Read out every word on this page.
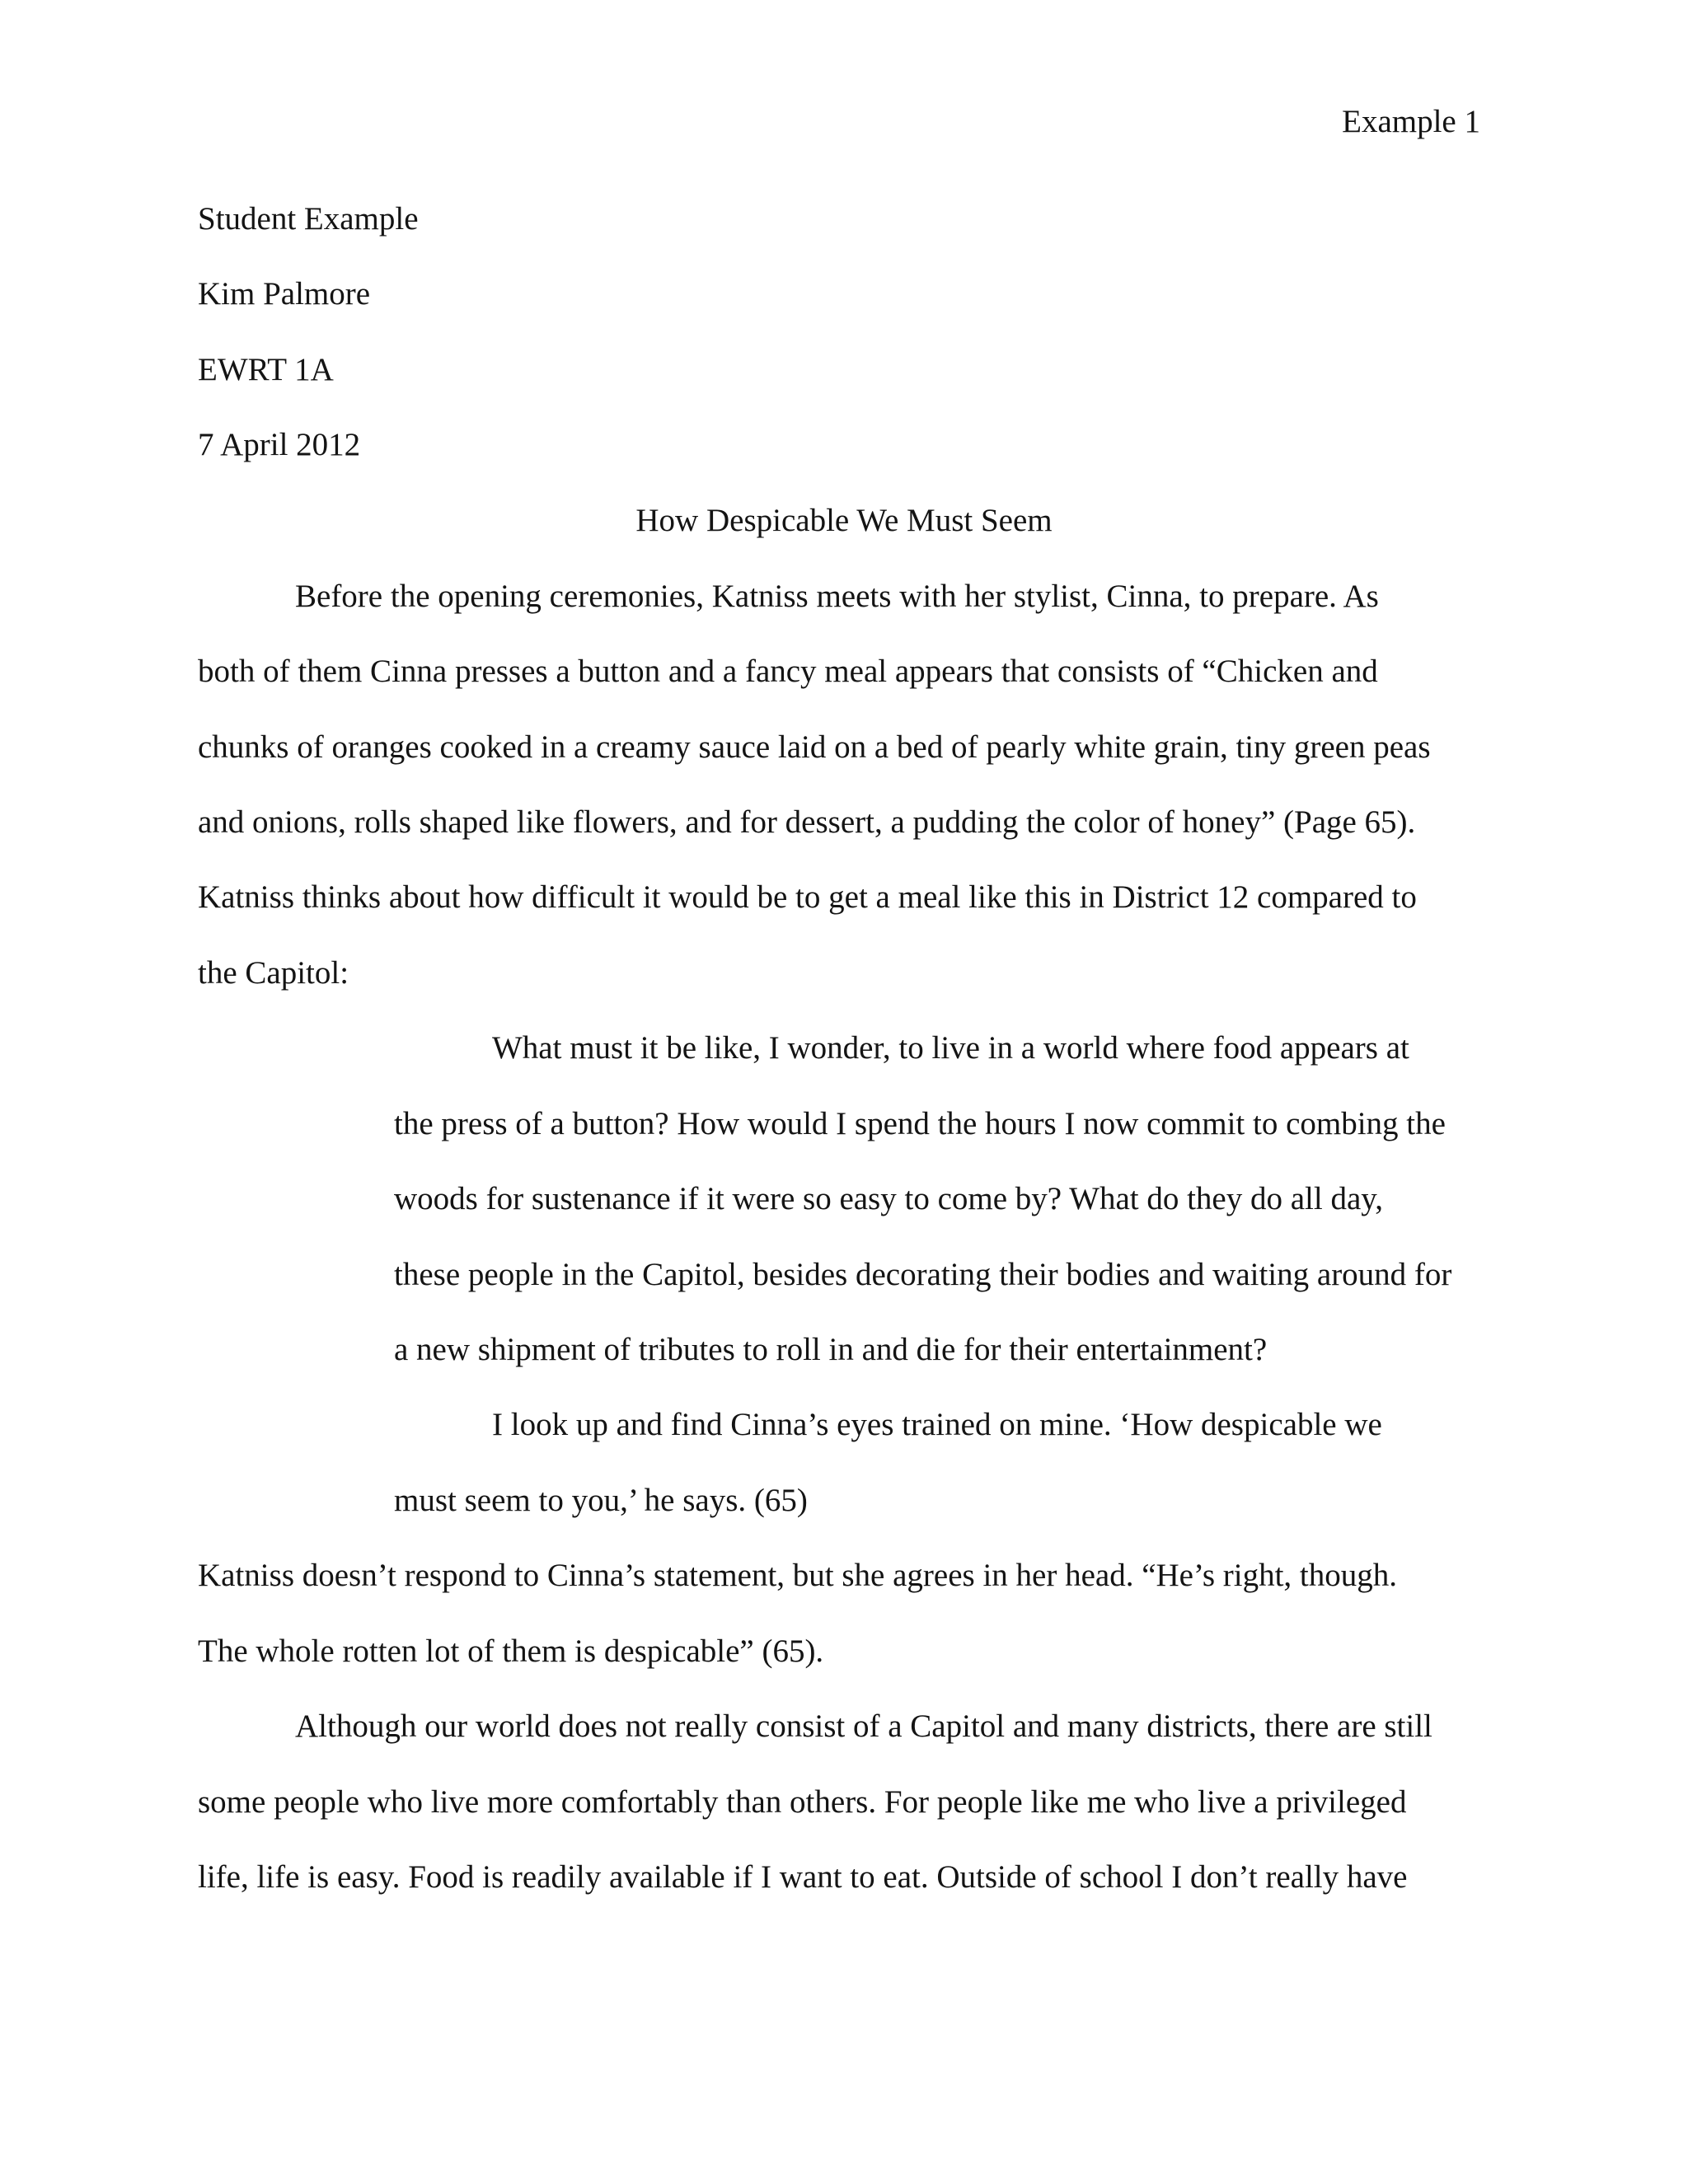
Example 1
Student Example
Kim Palmore
EWRT 1A
7 April 2012
How Despicable We Must Seem
Before the opening ceremonies, Katniss meets with her stylist, Cinna, to prepare. As
both of them Cinna presses a button and a fancy meal appears that consists of “Chicken and
chunks of oranges cooked in a creamy sauce laid on a bed of pearly white grain, tiny green peas
and onions, rolls shaped like flowers, and for dessert, a pudding the color of honey” (Page 65).
Katniss thinks about how difficult it would be to get a meal like this in District 12 compared to
the Capitol:
What must it be like, I wonder, to live in a world where food appears at
the press of a button? How would I spend the hours I now commit to combing the
woods for sustenance if it were so easy to come by? What do they do all day,
these people in the Capitol, besides decorating their bodies and waiting around for
a new shipment of tributes to roll in and die for their entertainment?
I look up and find Cinna’s eyes trained on mine. ‘How despicable we
must seem to you,’ he says. (65)
Katniss doesn’t respond to Cinna’s statement, but she agrees in her head. “He’s right, though.
The whole rotten lot of them is despicable” (65).
Although our world does not really consist of a Capitol and many districts, there are still
some people who live more comfortably than others. For people like me who live a privileged
life, life is easy. Food is readily available if I want to eat. Outside of school I don’t really have
